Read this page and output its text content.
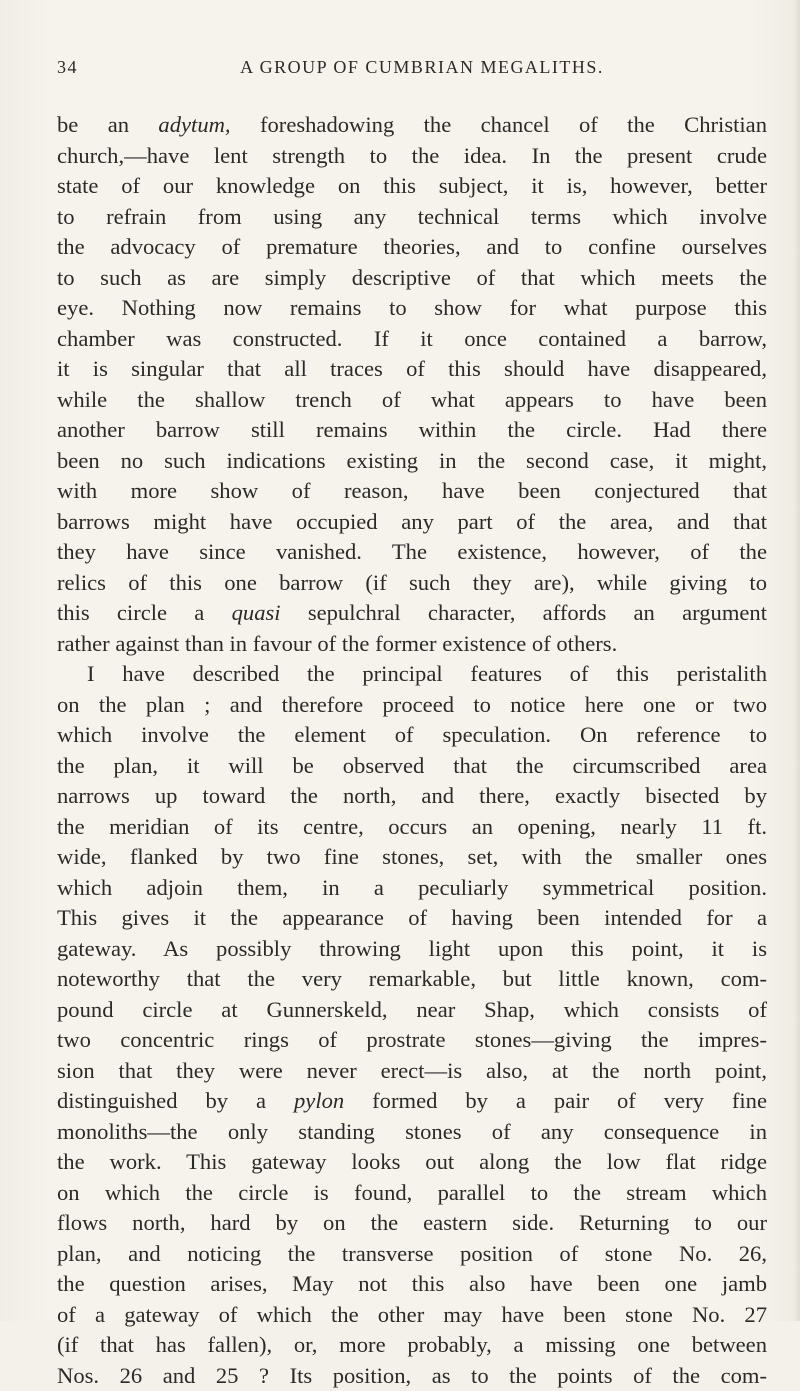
34	A GROUP OF CUMBRIAN MEGALITHS.
be an adytum, foreshadowing the chancel of the Christian
church,—have lent strength to the idea. In the present crude
state of our knowledge on this subject, it is, however, better
to refrain from using any technical terms which involve
the advocacy of premature theories, and to confine ourselves
to such as are simply descriptive of that which meets the
eye. Nothing now remains to show for what purpose this
chamber was constructed. If it once contained a barrow,
it is singular that all traces of this should have disappeared,
while the shallow trench of what appears to have been
another barrow still remains within the circle. Had there
been no such indications existing in the second case, it might,
with more show of reason, have been conjectured that
barrows might have occupied any part of the area, and that
they have since vanished. The existence, however, of the
relics of this one barrow (if such they are), while giving to
this circle a quasi sepulchral character, affords an argument
rather against than in favour of the former existence of others.
I have described the principal features of this peristalith
on the plan ; and therefore proceed to notice here one or two
which involve the element of speculation. On reference to
the plan, it will be observed that the circumscribed area
narrows up toward the north, and there, exactly bisected by
the meridian of its centre, occurs an opening, nearly 11 ft.
wide, flanked by two fine stones, set, with the smaller ones
which adjoin them, in a peculiarly symmetrical position.
This gives it the appearance of having been intended for a
gateway. As possibly throwing light upon this point, it is
noteworthy that the very remarkable, but little known, com-
pound circle at Gunnerskeld, near Shap, which consists of
two concentric rings of prostrate stones—giving the impres-
sion that they were never erect—is also, at the north point,
distinguished by a pylon formed by a pair of very fine
monoliths—the only standing stones of any consequence in
the work. This gateway looks out along the low flat ridge
on which the circle is found, parallel to the stream which
flows north, hard by on the eastern side. Returning to our
plan, and noticing the transverse position of stone No. 26,
the question arises, May not this also have been one jamb
of a gateway of which the other may have been stone No. 27
(if that has fallen), or, more probably, a missing one between
Nos. 26 and 25 ? Its position, as to the points of the com-
